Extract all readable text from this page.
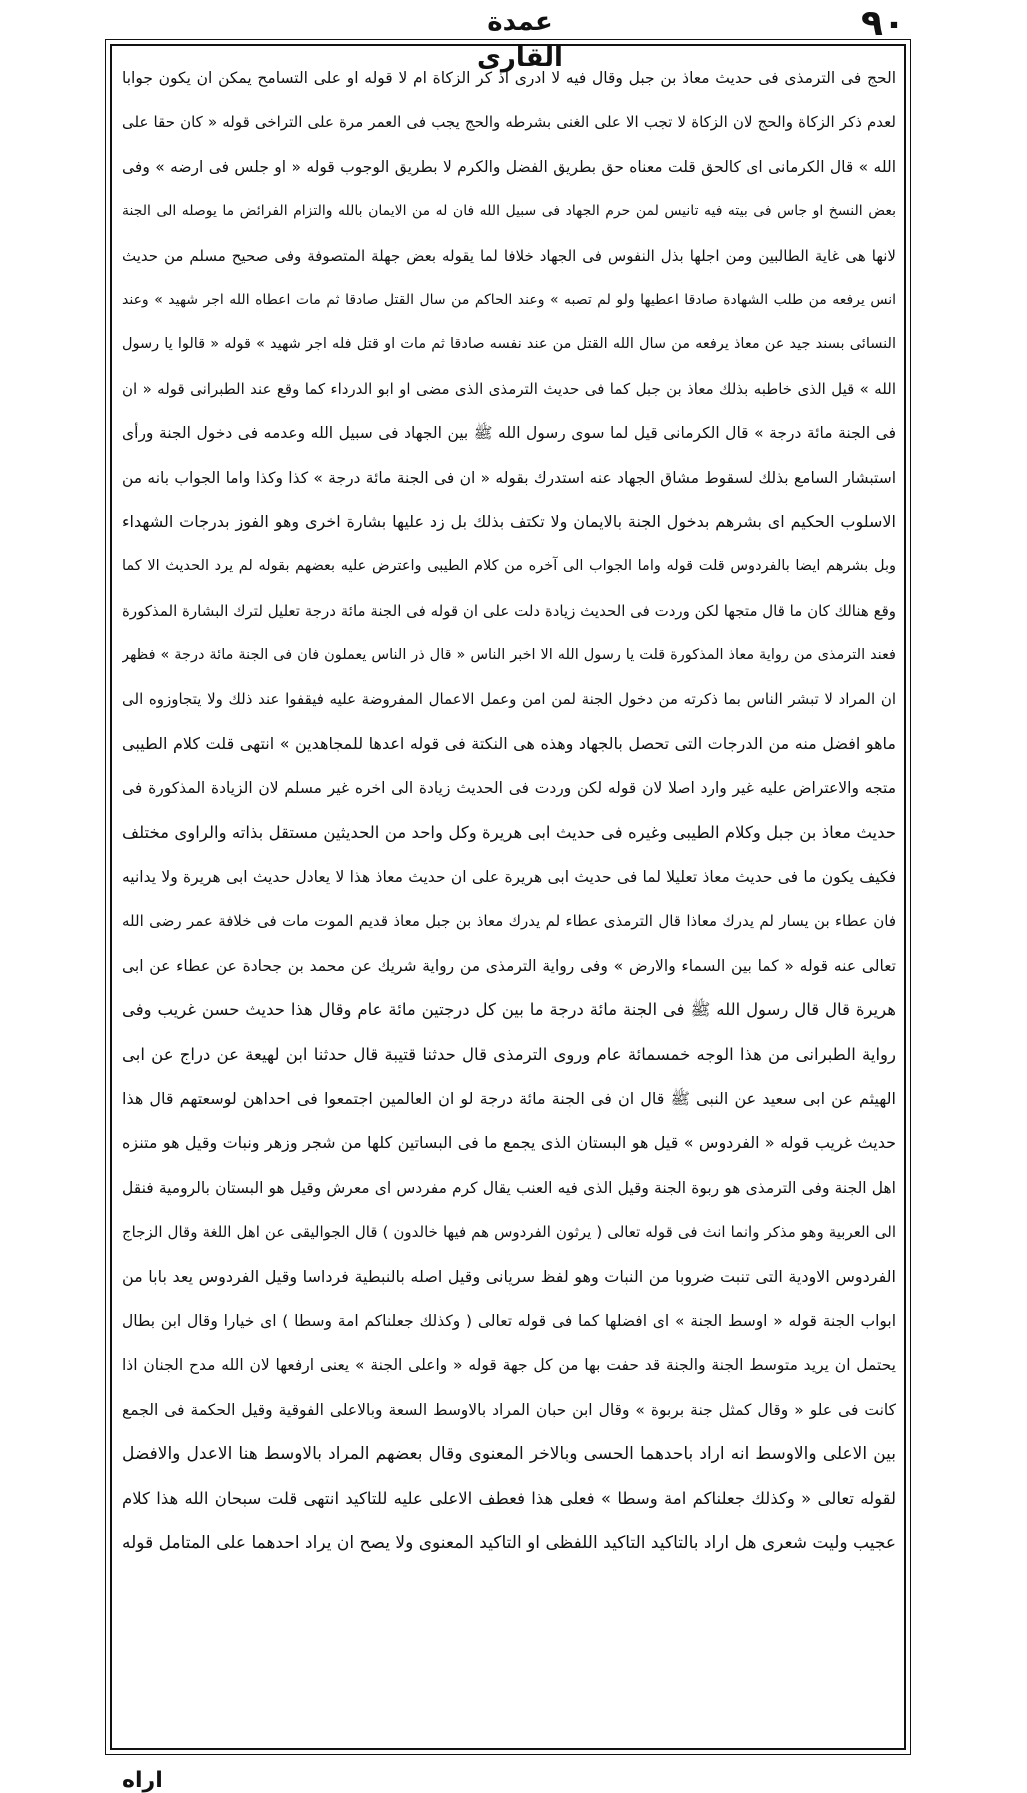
٩٠
عمدة القارى
الحج فى الترمذى فى حديث معاذ بن جبل وقال فيه لا ادرى اذ كر الزكاة ام لا قوله او على التسامح يمكن ان يكون جوابا
لعدم ذكر الزكاة والحج لان الزكاة لا تجب الا على الغنى بشرطه والحج يجب فى العمر مرة على التراخى قوله « كان حقا على
الله » قال الكرمانى اى كالحق قلت معناه حق بطريق الفضل والكرم لا بطريق الوجوب قوله « او جلس فى ارضه » وفى
بعض النسخ او جاس فى بيته فيه تانيس لمن حرم الجهاد فى سبيل الله فان له من الايمان بالله والتزام الفرائض ما يوصله الى الجنة
لانها هى غاية الطالبين ومن اجلها بذل النفوس فى الجهاد خلافا لما يقوله بعض جهلة المتصوفة وفى صحيح مسلم من حديث
انس يرفعه من طلب الشهادة صادقا اعطيها ولو لم تصبه » وعند الحاكم من سال القتل صادقا ثم مات اعطاه الله اجر شهيد » وعند
النسائى بسند جيد عن معاذ يرفعه من سال الله القتل من عند نفسه صادقا ثم مات او قتل فله اجر شهيد » قوله « قالوا يا رسول
الله » قيل الذى خاطبه بذلك معاذ بن جبل كما فى حديث الترمذى الذى مضى او ابو الدرداء كما وقع عند الطبرانى قوله « ان
فى الجنة مائة درجة » قال الكرمانى قيل لما سوى رسول الله ﷺ بين الجهاد فى سبيل الله وعدمه فى دخول الجنة ورأى
استبشار السامع بذلك لسقوط مشاق الجهاد عنه استدرك بقوله « ان فى الجنة مائة درجة » كذا وكذا واما الجواب بانه من
الاسلوب الحكيم اى بشرهم بدخول الجنة بالايمان ولا تكتف بذلك بل زد عليها بشارة اخرى وهو الفوز بدرجات الشهداء
وبل بشرهم ايضا بالفردوس قلت قوله واما الجواب الى آخره من كلام الطيبى واعترض عليه بعضهم بقوله لم يرد الحديث الا كما
وقع هنالك كان ما قال متجها لكن وردت فى الحديث زيادة دلت على ان قوله فى الجنة مائة درجة تعليل لترك البشارة المذكورة
فعند الترمذى من رواية معاذ المذكورة قلت يا رسول الله الا اخبر الناس « قال ذر الناس يعملون فان فى الجنة مائة درجة » فظهر
ان المراد لا تبشر الناس بما ذكرته من دخول الجنة لمن امن وعمل الاعمال المفروضة عليه فيقفوا عند ذلك ولا يتجاوزوه الى
ماهو افضل منه من الدرجات التى تحصل بالجهاد وهذه هى النكتة فى قوله اعدها للمجاهدين » انتهى قلت كلام الطيبى
متجه والاعتراض عليه غير وارد اصلا لان قوله لكن وردت فى الحديث زيادة الى اخره غير مسلم لان الزيادة المذكورة فى
حديث معاذ بن جبل وكلام الطيبى وغيره فى حديث ابى هريرة وكل واحد من الحديثين مستقل بذاته والراوى مختلف
فكيف يكون ما فى حديث معاذ تعليلا لما فى حديث ابى هريرة على ان حديث معاذ هذا لا يعادل حديث ابى هريرة ولا يدانيه
فان عطاء بن يسار لم يدرك معاذا قال الترمذى عطاء لم يدرك معاذ بن جبل معاذ قديم الموت مات فى خلافة عمر رضى الله
تعالى عنه قوله « كما بين السماء والارض » وفى رواية الترمذى من رواية شريك عن محمد بن جحادة عن عطاء عن ابى
هريرة قال قال رسول الله ﷺ فى الجنة مائة درجة ما بين كل درجتين مائة عام وقال هذا حديث حسن غريب وفى
رواية الطبرانى من هذا الوجه خمسمائة عام وروى الترمذى قال حدثنا قتيبة قال حدثنا ابن لهيعة عن دراج عن ابى
الهيثم عن ابى سعيد عن النبى ﷺ قال ان فى الجنة مائة درجة لو ان العالمين اجتمعوا فى احداهن لوسعتهم قال هذا
حديث غريب قوله « الفردوس » قيل هو البستان الذى يجمع ما فى البساتين كلها من شجر وزهر ونبات وقيل هو متنزه
اهل الجنة وفى الترمذى هو ربوة الجنة وقيل الذى فيه العنب يقال كرم مفردس اى معرش وقيل هو البستان بالرومية فنقل
الى العربية وهو مذكر وانما انث فى قوله تعالى ( يرثون الفردوس هم فيها خالدون ) قال الجواليقى عن اهل اللغة وقال الزجاج
الفردوس الاودية التى تنبت ضروبا من النبات وهو لفظ سريانى وقيل اصله بالنبطية فرداسا وقيل الفردوس يعد بابا من
ابواب الجنة قوله « اوسط الجنة » اى افضلها كما فى قوله تعالى ( وكذلك جعلناكم امة وسطا ) اى خيارا وقال ابن بطال
يحتمل ان يريد متوسط الجنة والجنة قد حفت بها من كل جهة قوله « واعلى الجنة » يعنى ارفعها لان الله مدح الجنان اذا
كانت فى علو « وقال كمثل جنة بربوة » وقال ابن حبان المراد بالاوسط السعة وبالاعلى الفوقية وقيل الحكمة فى الجمع
بين الاعلى والاوسط انه اراد باحدهما الحسى وبالاخر المعنوى وقال بعضهم المراد بالاوسط هنا الاعدل والافضل
لقوله تعالى « وكذلك جعلناكم امة وسطا » فعلى هذا فعطف الاعلى عليه للتاكيد انتهى قلت سبحان الله هذا كلام
عجيب وليت شعرى هل اراد بالتاكيد التاكيد اللفظى او التاكيد المعنوى ولا يصح ان يراد احدهما على المتامل قوله
اراه
